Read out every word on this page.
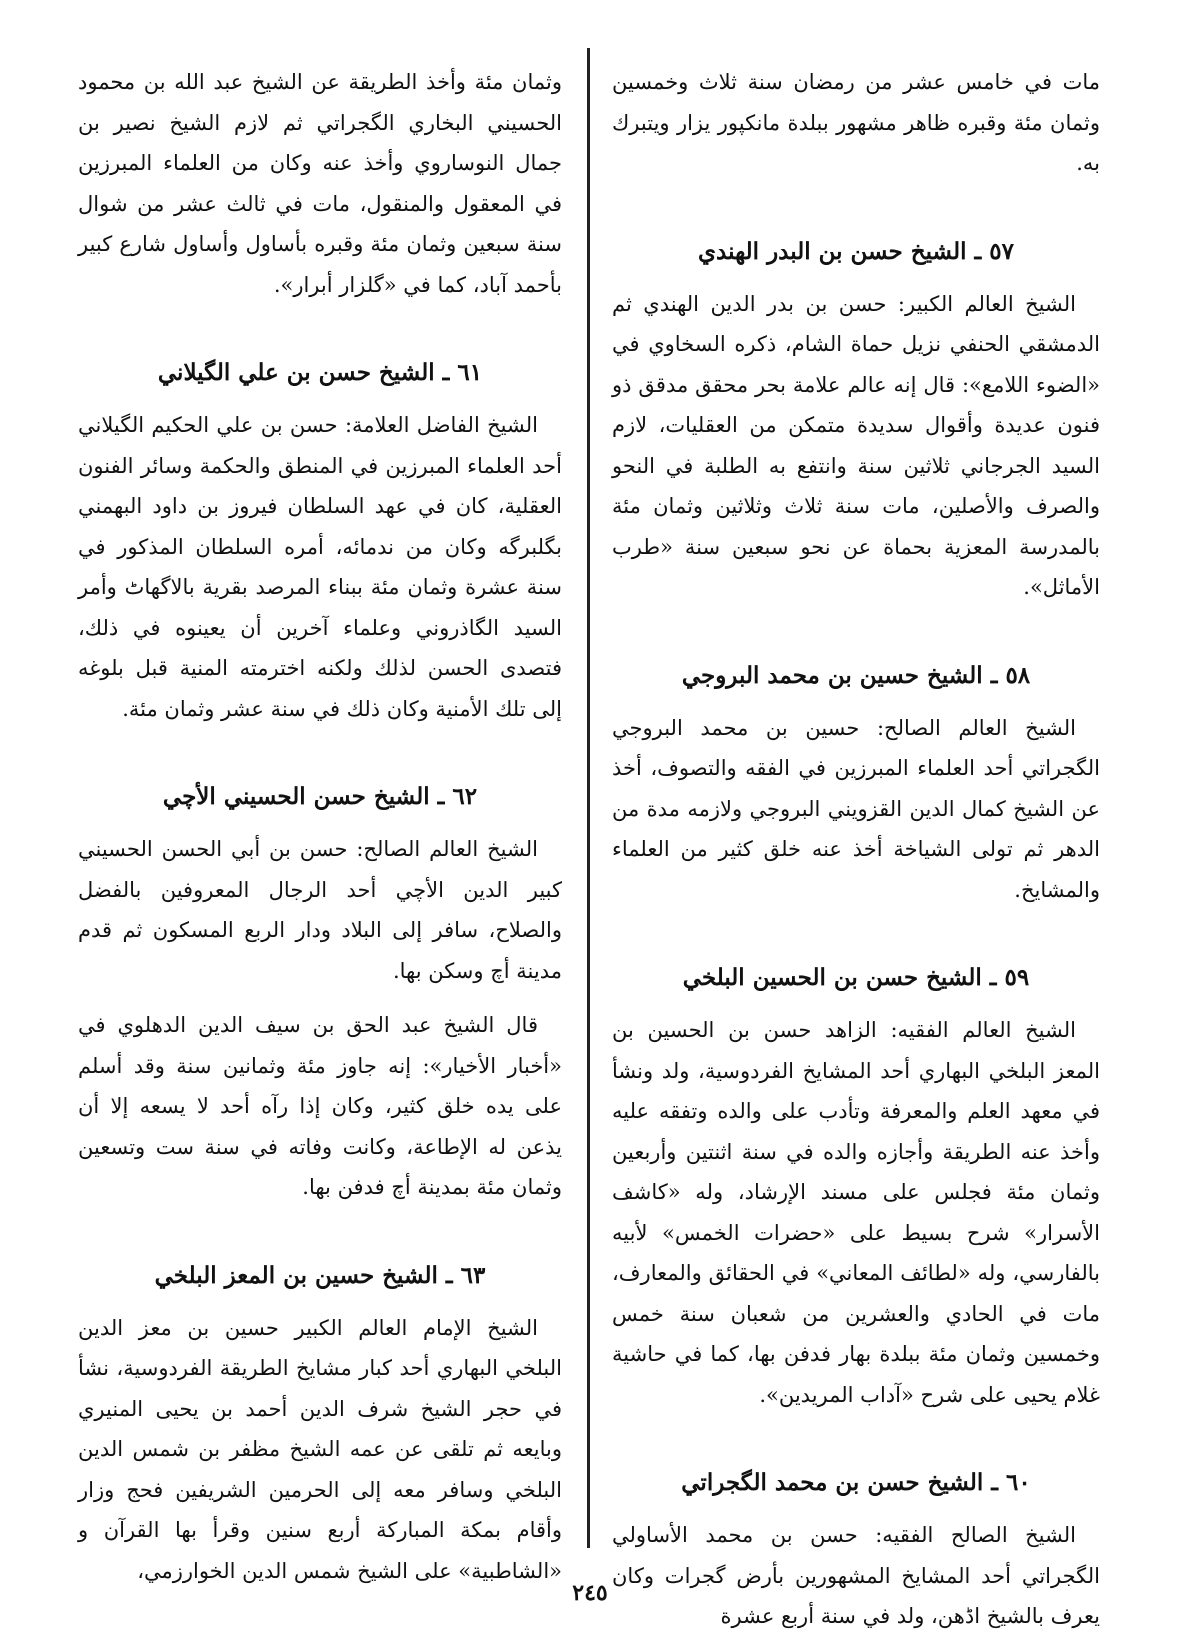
مات في خامس عشر من رمضان سنة ثلاث وخمسين وثمان مئة وقبره ظاهر مشهور ببلدة مانكپور يزار ويتبرك به.

٥٧ ـ الشيخ حسن بن البدر الهندي

الشيخ العالم الكبير: حسن بن بدر الدين الهندي ثم الدمشقي الحنفي نزيل حماة الشام، ذكره السخاوي في «الضوء اللامع»: قال إنه عالم علامة بحر محقق مدقق ذو فنون عديدة وأقوال سديدة متمكن من العقليات، لازم السيد الجرجاني ثلاثين سنة وانتفع به الطلبة في النحو والصرف والأصلين، مات سنة ثلاث وثلاثين وثمان مئة بالمدرسة المعزية بحماة عن نحو سبعين سنة «طرب الأماثل».

٥٨ ـ الشيخ حسين بن محمد البروجي

الشيخ العالم الصالح: حسين بن محمد البروجي الگجراتي أحد العلماء المبرزين في الفقه والتصوف، أخذ عن الشيخ كمال الدين القزويني البروجي ولازمه مدة من الدهر ثم تولى الشياخة أخذ عنه خلق كثير من العلماء والمشايخ.

٥٩ ـ الشيخ حسن بن الحسين البلخي

الشيخ العالم الفقيه: الزاهد حسن بن الحسين بن المعز البلخي البهاري أحد المشايخ الفردوسية، ولد ونشأ في معهد العلم والمعرفة وتأدب على والده وتفقه عليه وأخذ عنه الطريقة وأجازه والده في سنة اثنتين وأربعين وثمان مئة فجلس على مسند الإرشاد، وله «كاشف الأسرار» شرح بسيط على «حضرات الخمس» لأبيه بالفارسي، وله «لطائف المعاني» في الحقائق والمعارف، مات في الحادي والعشرين من شعبان سنة خمس وخمسين وثمان مئة ببلدة بهار فدفن بها، كما في حاشية غلام يحيى على شرح «آداب المريدين».

٦٠ ـ الشيخ حسن بن محمد الگجراتي

الشيخ الصالح الفقيه: حسن بن محمد الأساولي الگجراتي أحد المشايخ المشهورين بأرض گجرات وكان يعرف بالشيخ اڈهن، ولد في سنة أربع عشرة

وثمان مئة وأخذ الطريقة عن الشيخ عبد الله بن محمود الحسيني البخاري الگجراتي ثم لازم الشيخ نصير بن جمال النوساروي وأخذ عنه وكان من العلماء المبرزين في المعقول والمنقول، مات في ثالث عشر من شوال سنة سبعين وثمان مئة وقبره بأساول وأساول شارع كبير بأحمد آباد، كما في «گلزار أبرار».

٦١ ـ الشيخ حسن بن علي الگيلاني

الشيخ الفاضل العلامة: حسن بن علي الحكيم الگيلاني أحد العلماء المبرزين في المنطق والحكمة وسائر الفنون العقلية، كان في عهد السلطان فيروز بن داود البهمني بگلبرگه وكان من ندمائه، أمره السلطان المذكور في سنة عشرة وثمان مئة ببناء المرصد بقرية بالاگهاٹ وأمر السيد الگاذروني وعلماء آخرين أن يعينوه في ذلك، فتصدى الحسن لذلك ولكنه اخترمته المنية قبل بلوغه إلى تلك الأمنية وكان ذلك في سنة عشر وثمان مئة.

٦٢ ـ الشيخ حسن الحسيني الأچي

الشيخ العالم الصالح: حسن بن أبي الحسن الحسيني كبير الدين الأچي أحد الرجال المعروفين بالفضل والصلاح، سافر إلى البلاد ودار الربع المسكون ثم قدم مدينة أچ وسكن بها.

قال الشيخ عبد الحق بن سيف الدين الدهلوي في «أخبار الأخيار»: إنه جاوز مئة وثمانين سنة وقد أسلم على يده خلق كثير، وكان إذا رآه أحد لا يسعه إلا أن يذعن له الإطاعة، وكانت وفاته في سنة ست وتسعين وثمان مئة بمدينة أچ فدفن بها.

٦٣ ـ الشيخ حسين بن المعز البلخي

الشيخ الإمام العالم الكبير حسين بن معز الدين البلخي البهاري أحد كبار مشايخ الطريقة الفردوسية، نشأ في حجر الشيخ شرف الدين أحمد بن يحيى المنيري وبايعه ثم تلقى عن عمه الشيخ مظفر بن شمس الدين البلخي وسافر معه إلى الحرمين الشريفين فحج وزار وأقام بمكة المباركة أربع سنين وقرأ بها القرآن و «الشاطبية» على الشيخ شمس الدين الخوارزمي،

٢٤٥
